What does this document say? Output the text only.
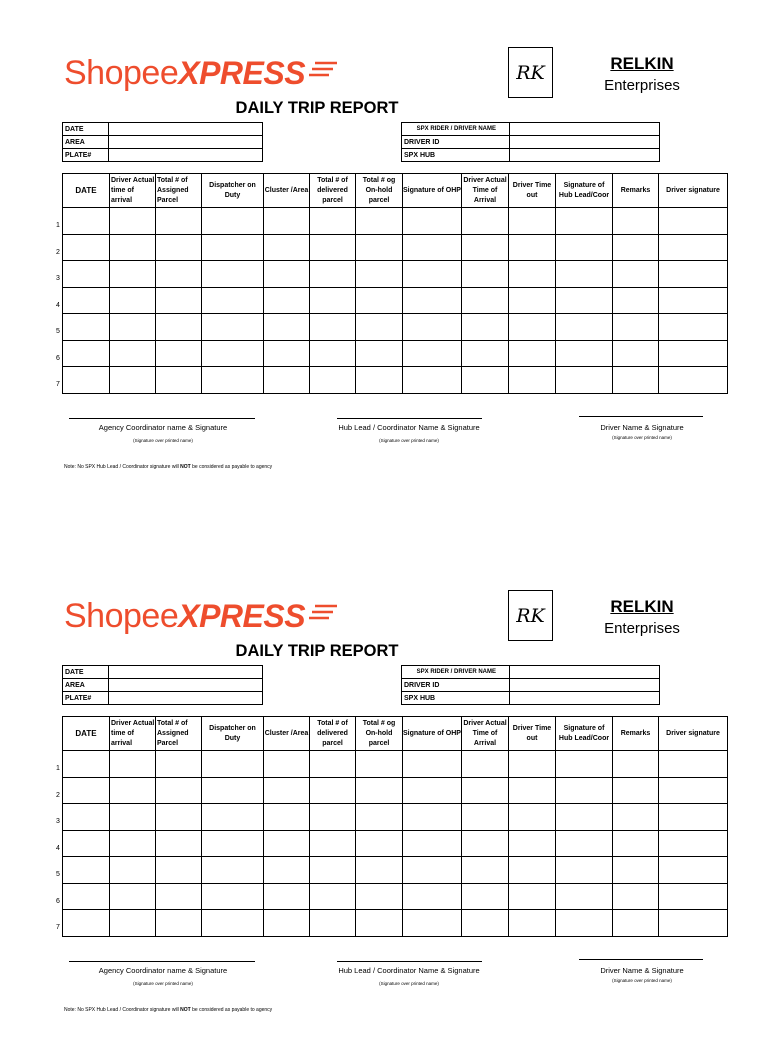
ShopeeXPRESS	RK	RELKIN
Enterprises
DAILY TRIP REPORT
DATE	
AREA	
PLATE#	
SPX RIDER / DRIVER NAME	
DRIVER ID	
SPX HUB	
DATE	Driver Actual time of arrival	Total # of Assigned Parcel	Dispatcher on Duty	Cluster /Area	Total # of delivered parcel	Total # og On-hold parcel	Signature of OHP	Driver Actual Time of Arrival	Driver Time out	Signature of Hub Lead/Coor	Remarks	Driver signature

1
2
3
4
5
6
7
Agency Coordinator name & Signature
(Signature over printed name)
Hub Lead / Coordinator Name & Signature
(Signature over printed name)
Driver Name & Signature
(Signature over printed name)
Note: No SPX Hub Lead / Coordinator signature will NOT be considered as payable to agency
ShopeeXPRESS	RK	RELKIN
Enterprises
DAILY TRIP REPORT
DATE	
AREA	
PLATE#	
SPX RIDER / DRIVER NAME	
DRIVER ID	
SPX HUB	
DATE	Driver Actual time of arrival	Total # of Assigned Parcel	Dispatcher on Duty	Cluster /Area	Total # of delivered parcel	Total # og On-hold parcel	Signature of OHP	Driver Actual Time of Arrival	Driver Time out	Signature of Hub Lead/Coor	Remarks	Driver signature

1
2
3
4
5
6
7
Agency Coordinator name & Signature
(Signature over printed name)
Hub Lead / Coordinator Name & Signature
(Signature over printed name)
Driver Name & Signature
(Signature over printed name)
Note: No SPX Hub Lead / Coordinator signature will NOT be considered as payable to agency
